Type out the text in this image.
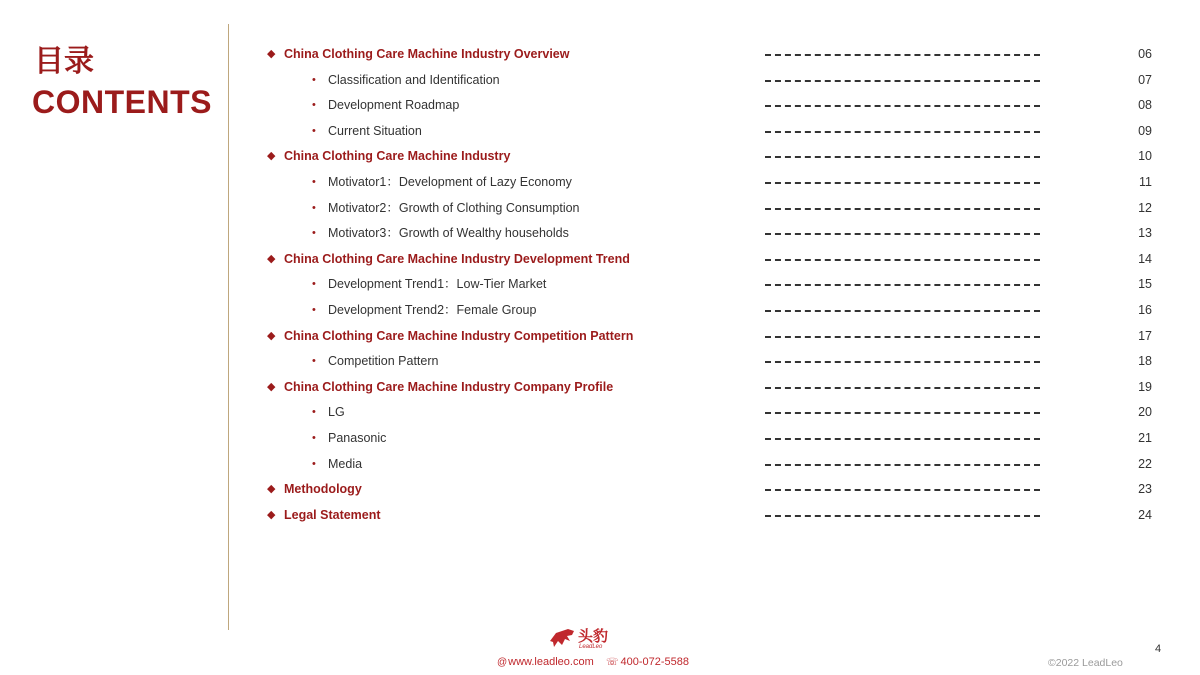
目录
CONTENTS
◆ China Clothing Care Machine Industry Overview	06
• Classification and Identification	07
• Development Roadmap	08
• Current Situation	09
◆ China Clothing Care Machine Industry	10
• Motivator1：Development of Lazy Economy	11
• Motivator2：Growth of Clothing Consumption	12
• Motivator3：Growth of Wealthy households	13
◆ China Clothing Care Machine Industry Development Trend	14
• Development Trend1：Low-Tier Market	15
• Development Trend2：Female Group	16
◆ China Clothing Care Machine Industry Competition Pattern	17
• Competition Pattern	18
◆ China Clothing Care Machine Industry Company Profile	19
• LG	20
• Panasonic	21
• Media	22
◆ Methodology	23
◆ Legal Statement	24
头豹
LeadLeo
@www.leadleo.com ☏ 400-072-5588	©2022 LeadLeo
4
